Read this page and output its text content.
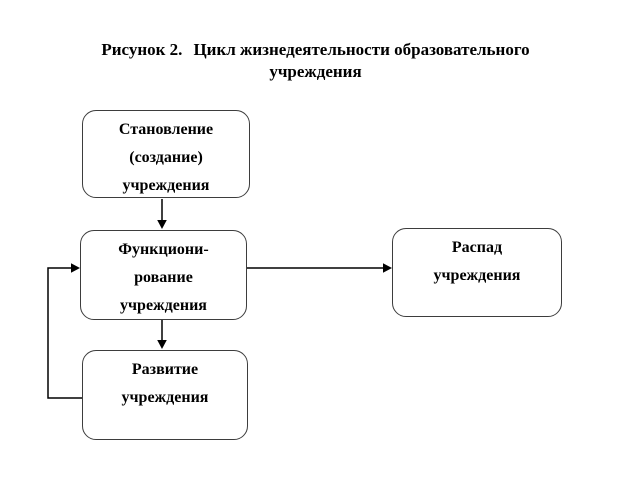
Рисунок 2. Цикл жизнедеятельности образовательного
учреждения
Становление
(создание)
учреждения
Функциони-
рование
учреждения
Распад
учреждения
Развитие
учреждения
